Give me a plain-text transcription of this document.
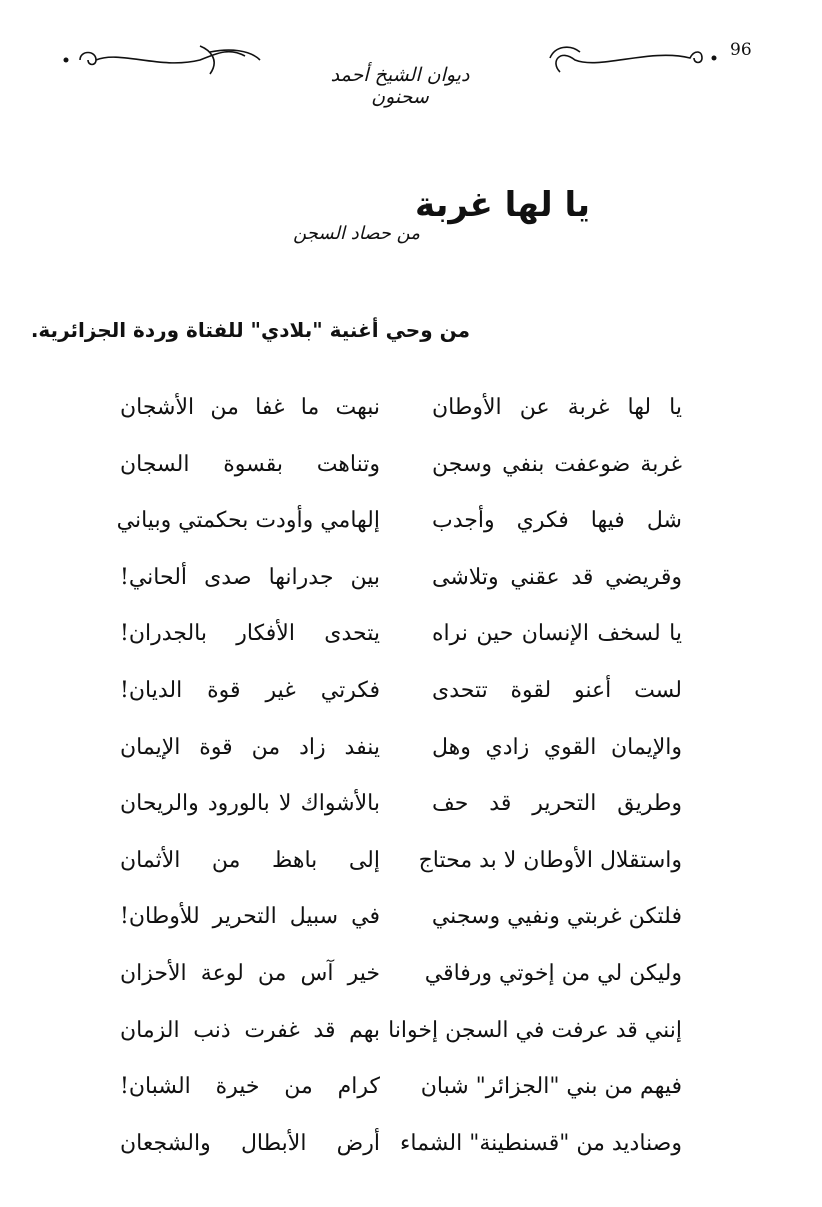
ديوان الشيخ أحمد سحنون
96
يا لها غربة
من حصاد السجن
من وحي أغنية "بلادي" للفتاة وردة الجزائرية.
يا لها غربة عن الأوطان
نبهت ما غفا من الأشجان
غربة ضوعفت بنفي وسجن
وتناهت بقسوة السجان
شل فيها فكري وأجدب
إلهامي وأودت بحكمتي وبياني
وقريضي قد عقني وتلاشى
بين جدرانها صدى ألحاني!
يا لسخف الإنسان حين نراه
يتحدى الأفكار بالجدران!
لست أعنو لقوة تتحدى
فكرتي غير قوة الديان!
والإيمان القوي زادي وهل
ينفد زاد من قوة الإيمان
وطريق التحرير قد حف
بالأشواك لا بالورود والريحان
واستقلال الأوطان لا بد محتاج
إلى باهظ من الأثمان
فلتكن غربتي ونفيي وسجني
في سبيل التحرير للأوطان!
وليكن لي من إخوتي ورفاقي
خير آس من لوعة الأحزان
إنني قد عرفت في السجن إخوانا
بهم قد غفرت ذنب الزمان
فيهم من بني "الجزائر" شبان
كرام من خيرة الشبان!
وصناديد من "قسنطينة" الشماء
أرض الأبطال والشجعان
